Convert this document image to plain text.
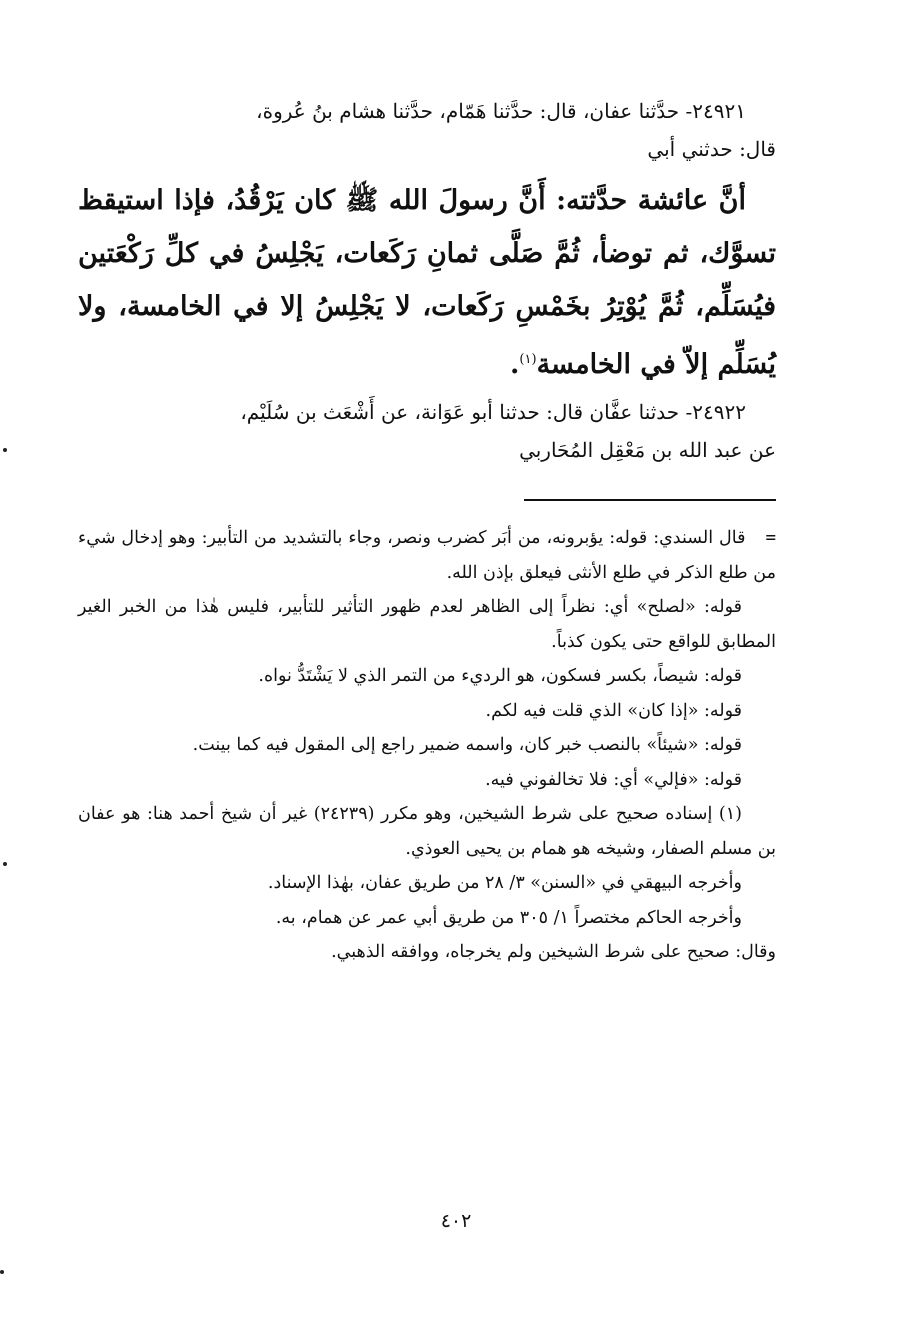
٢٤٩٢١- حدَّثنا عفان، قال: حدَّثنا هَمّام، حدَّثنا هشام بنُ عُروة،
قال: حدثني أبي

أنَّ عائشة حدَّثته: أَنَّ رسولَ الله ﷺ كان يَرْقُدُ، فإذا استيقظ تسوَّك، ثم توضأ، ثُمَّ صَلَّى ثمانِ رَكَعات، يَجْلِسُ في كلِّ رَكْعَتين فيُسَلِّم، ثُمَّ يُوْتِرُ بخَمْسِ رَكَعات، لا يَجْلِسُ إلا في الخامسة، ولا يُسَلِّم إلاّ في الخامسة$^{(١)}$.

٢٤٩٢٢- حدثنا عفَّان قال: حدثنا أبو عَوَانة، عن أَشْعَث بن سُلَيْم،
عن عبد الله بن مَعْقِل المُحَاربي

=قال السندي: قوله: يؤبرونه، من أبَر كضرب ونصر، وجاء بالتشديد من التأبير: وهو إدخال شيء من طلع الذكر في طلع الأنثى فيعلق بإذن الله.

قوله: «لصلح» أي: نظراً إلى الظاهر لعدم ظهور التأثير للتأبير، فليس هٰذا من الخبر الغير المطابق للواقع حتى يكون كذباً.

قوله: شيصاً، بكسر فسكون، هو الرديء من التمر الذي لا يَشْتَدُّ نواه.

قوله: «إذا كان» الذي قلت فيه لكم.

قوله: «شيئاً» بالنصب خبر كان، واسمه ضمير راجع إلى المقول فيه كما بينت.

قوله: «فإلي» أي: فلا تخالفوني فيه.

(١) إسناده صحيح على شرط الشيخين، وهو مكرر (٢٤٢٣٩) غير أن شيخ أحمد هنا: هو عفان بن مسلم الصفار، وشيخه هو همام بن يحيى العوذي.

وأخرجه البيهقي في «السنن» ٣/ ٢٨ من طريق عفان، بهٰذا الإسناد.

وأخرجه الحاكم مختصراً ١/ ٣٠٥ من طريق أبي عمر عن همام، به.

وقال: صحيح على شرط الشيخين ولم يخرجاه، ووافقه الذهبي.

٤٠٢
